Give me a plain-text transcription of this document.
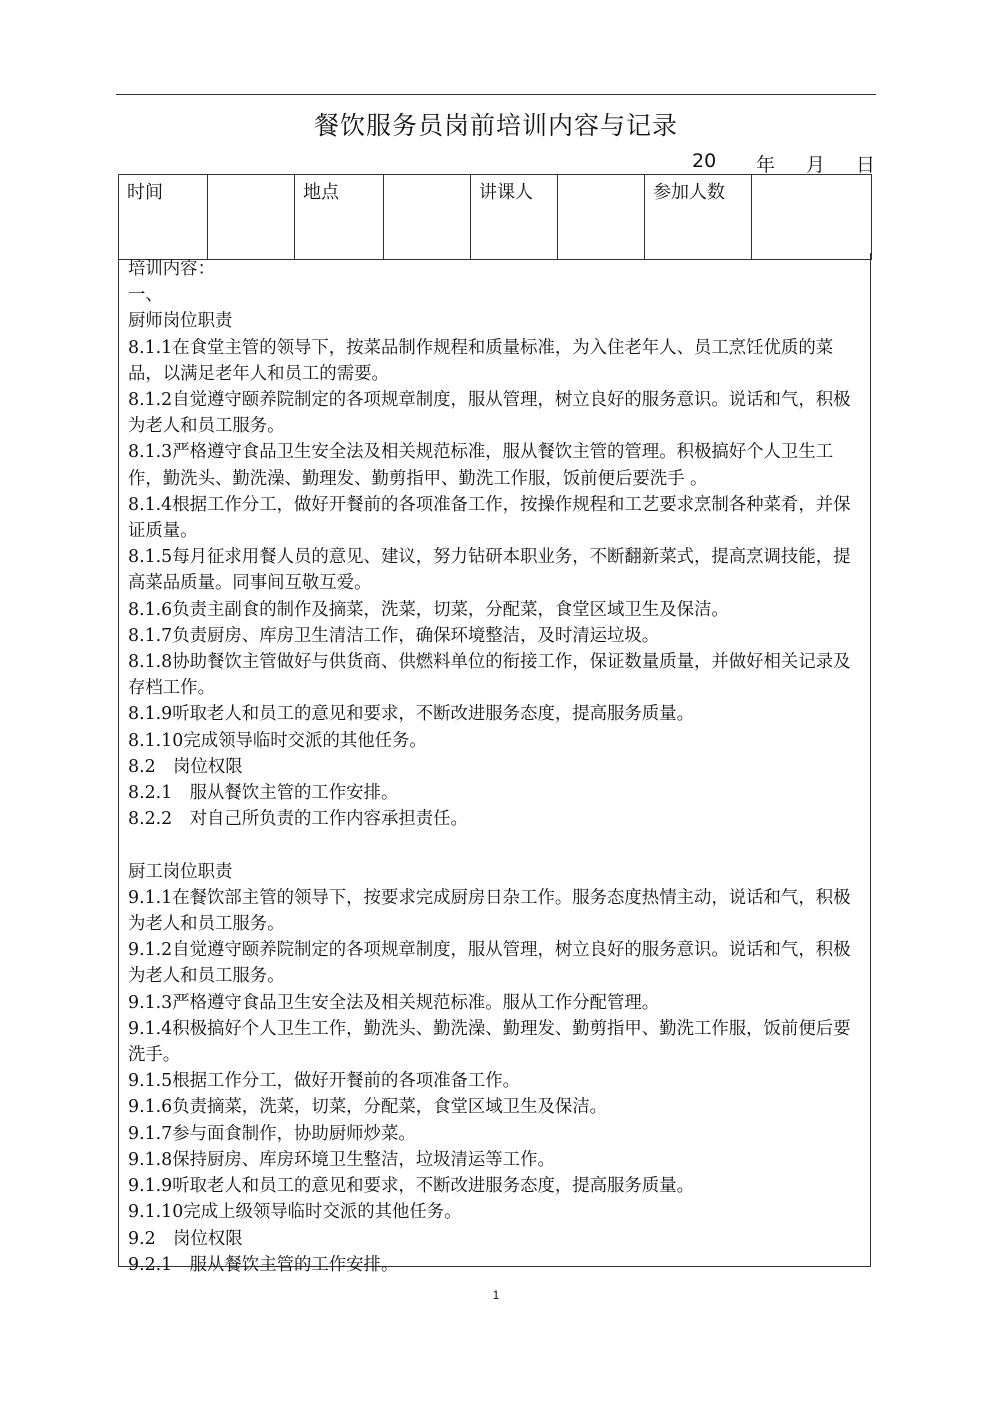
餐饮服务员岗前培训内容与记录
20 年 月 日
时间		地点		讲课人		参加人数	

培训内容：

一、

厨师岗位职责

8.1.1在食堂主管的领导下，按菜品制作规程和质量标准，为入住老年人、员工烹饪优质的菜品，以满足老年人和员工的需要。

8.1.2自觉遵守颐养院制定的各项规章制度，服从管理，树立良好的服务意识。说话和气，积极为老人和员工服务。

8.1.3严格遵守食品卫生安全法及相关规范标准，服从餐饮主管的管理。积极搞好个人卫生工作，勤洗头、勤洗澡、勤理发、勤剪指甲、勤洗工作服，饭前便后要洗手 。

8.1.4根据工作分工，做好开餐前的各项准备工作，按操作规程和工艺要求烹制各种菜肴，并保证质量。

8.1.5每月征求用餐人员的意见、建议，努力钻研本职业务，不断翻新菜式，提高烹调技能，提高菜品质量。同事间互敬互爱。

8.1.6负责主副食的制作及摘菜，洗菜，切菜，分配菜，食堂区域卫生及保洁。

8.1.7负责厨房、库房卫生清洁工作，确保环境整洁，及时清运垃圾。

8.1.8协助餐饮主管做好与供货商、供燃料单位的衔接工作，保证数量质量，并做好相关记录及存档工作。

8.1.9听取老人和员工的意见和要求，不断改进服务态度，提高服务质量。

8.1.10完成领导临时交派的其他任务。

8.2　岗位权限

8.2.1　服从餐饮主管的工作安排。

8.2.2　对自己所负责的工作内容承担责任。

厨工岗位职责

9.1.1在餐饮部主管的领导下，按要求完成厨房日杂工作。服务态度热情主动，说话和气，积极为老人和员工服务。

9.1.2自觉遵守颐养院制定的各项规章制度，服从管理，树立良好的服务意识。说话和气，积极为老人和员工服务。

9.1.3严格遵守食品卫生安全法及相关规范标准。服从工作分配管理。

9.1.4积极搞好个人卫生工作，勤洗头、勤洗澡、勤理发、勤剪指甲、勤洗工作服，饭前便后要洗手。

9.1.5根据工作分工，做好开餐前的各项准备工作。

9.1.6负责摘菜，洗菜，切菜，分配菜，食堂区域卫生及保洁。

9.1.7参与面食制作，协助厨师炒菜。

9.1.8保持厨房、库房环境卫生整洁，垃圾清运等工作。

9.1.9听取老人和员工的意见和要求，不断改进服务态度，提高服务质量。

9.1.10完成上级领导临时交派的其他任务。

9.2　岗位权限

9.2.1　服从餐饮主管的工作安排。

1
